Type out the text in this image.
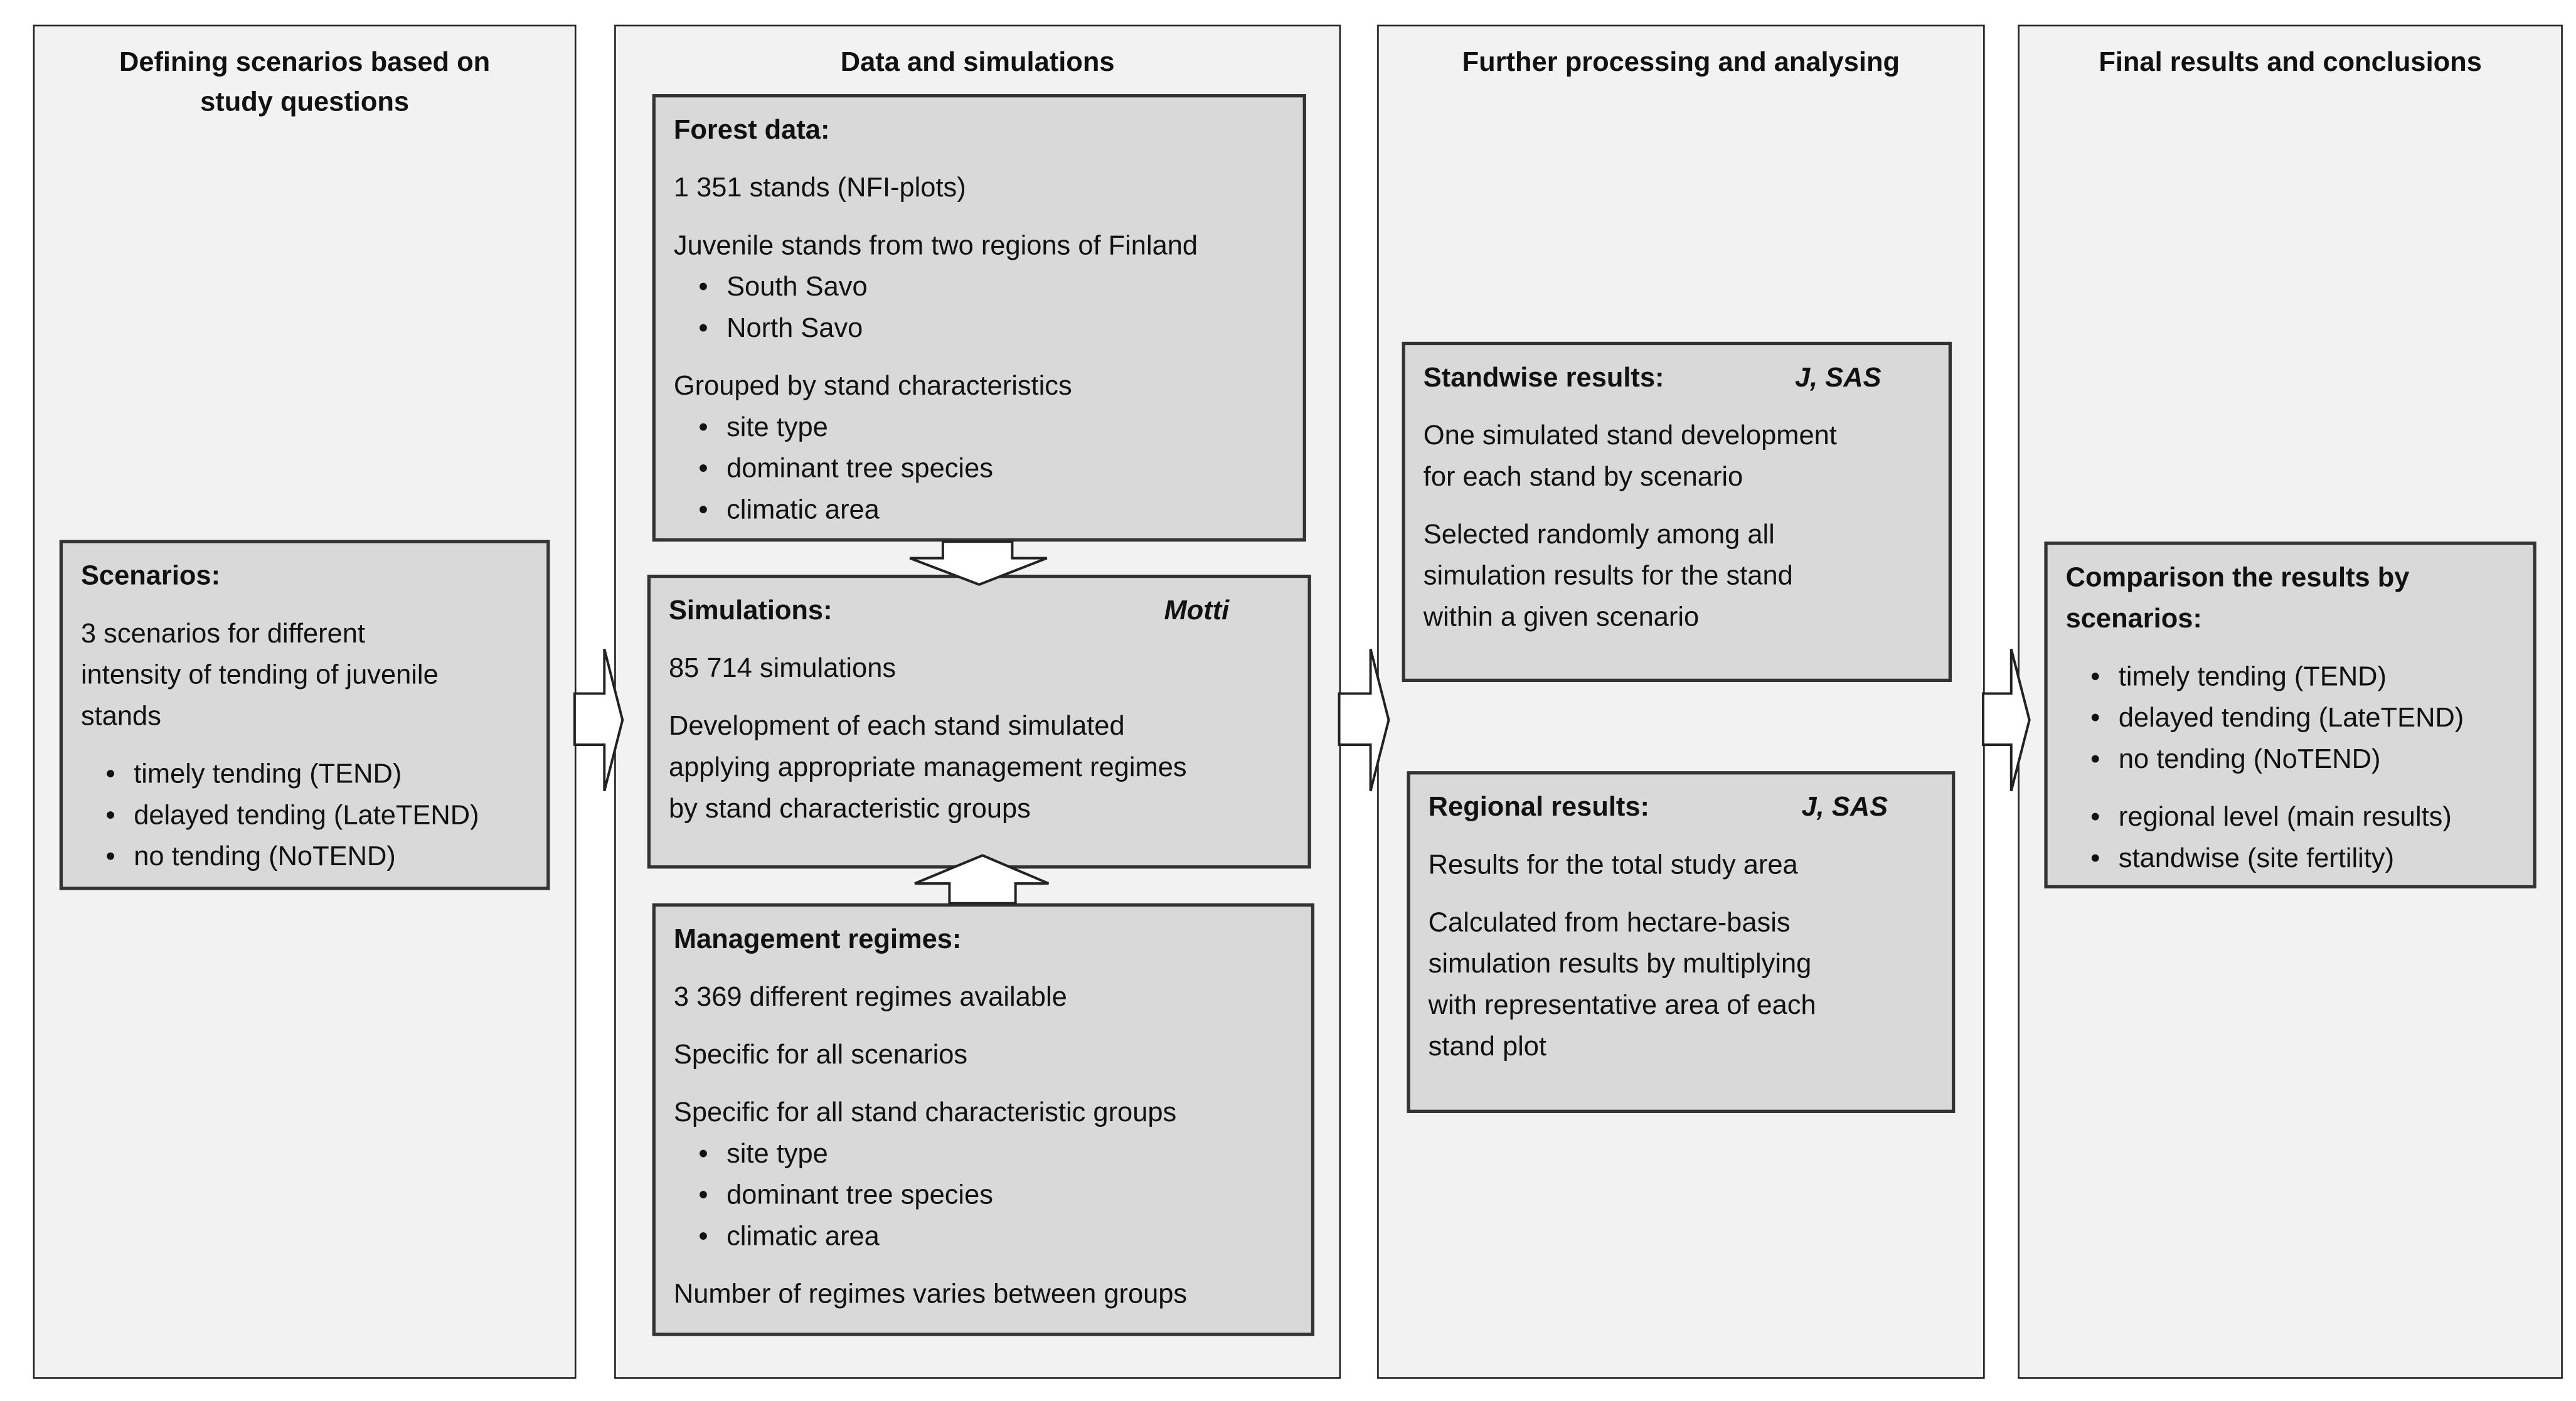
Defining scenarios based on
study questions
Data and simulations	Further processing and analysing	Final results and conclusions
Scenarios:
3 scenarios for different
intensity of tending of juvenile
stands
• timely tending (TEND)
• delayed tending (LateTEND)
• no tending (NoTEND)
Forest data:
1 351 stands (NFI-plots)
Juvenile stands from two regions of Finland
• South Savo
• North Savo
Grouped by stand characteristics
• site type
• dominant tree species
• climatic area
Simulations:	Motti
85 714 simulations
Development of each stand simulated
applying appropriate management regimes
by stand characteristic groups
Management regimes:
3 369 different regimes available
Specific for all scenarios
Specific for all stand characteristic groups
• site type
• dominant tree species
• climatic area
Number of regimes varies between groups
Standwise results:	J, SAS
One simulated stand development
for each stand by scenario
Selected randomly among all
simulation results for the stand
within a given scenario
Regional results:	J, SAS
Results for the total study area
Calculated from hectare-basis
simulation results by multiplying
with representative area of each
stand plot
Comparison the results by
scenarios:
• timely tending (TEND)
• delayed tending (LateTEND)
• no tending (NoTEND)
• regional level (main results)
• standwise (site fertility)
